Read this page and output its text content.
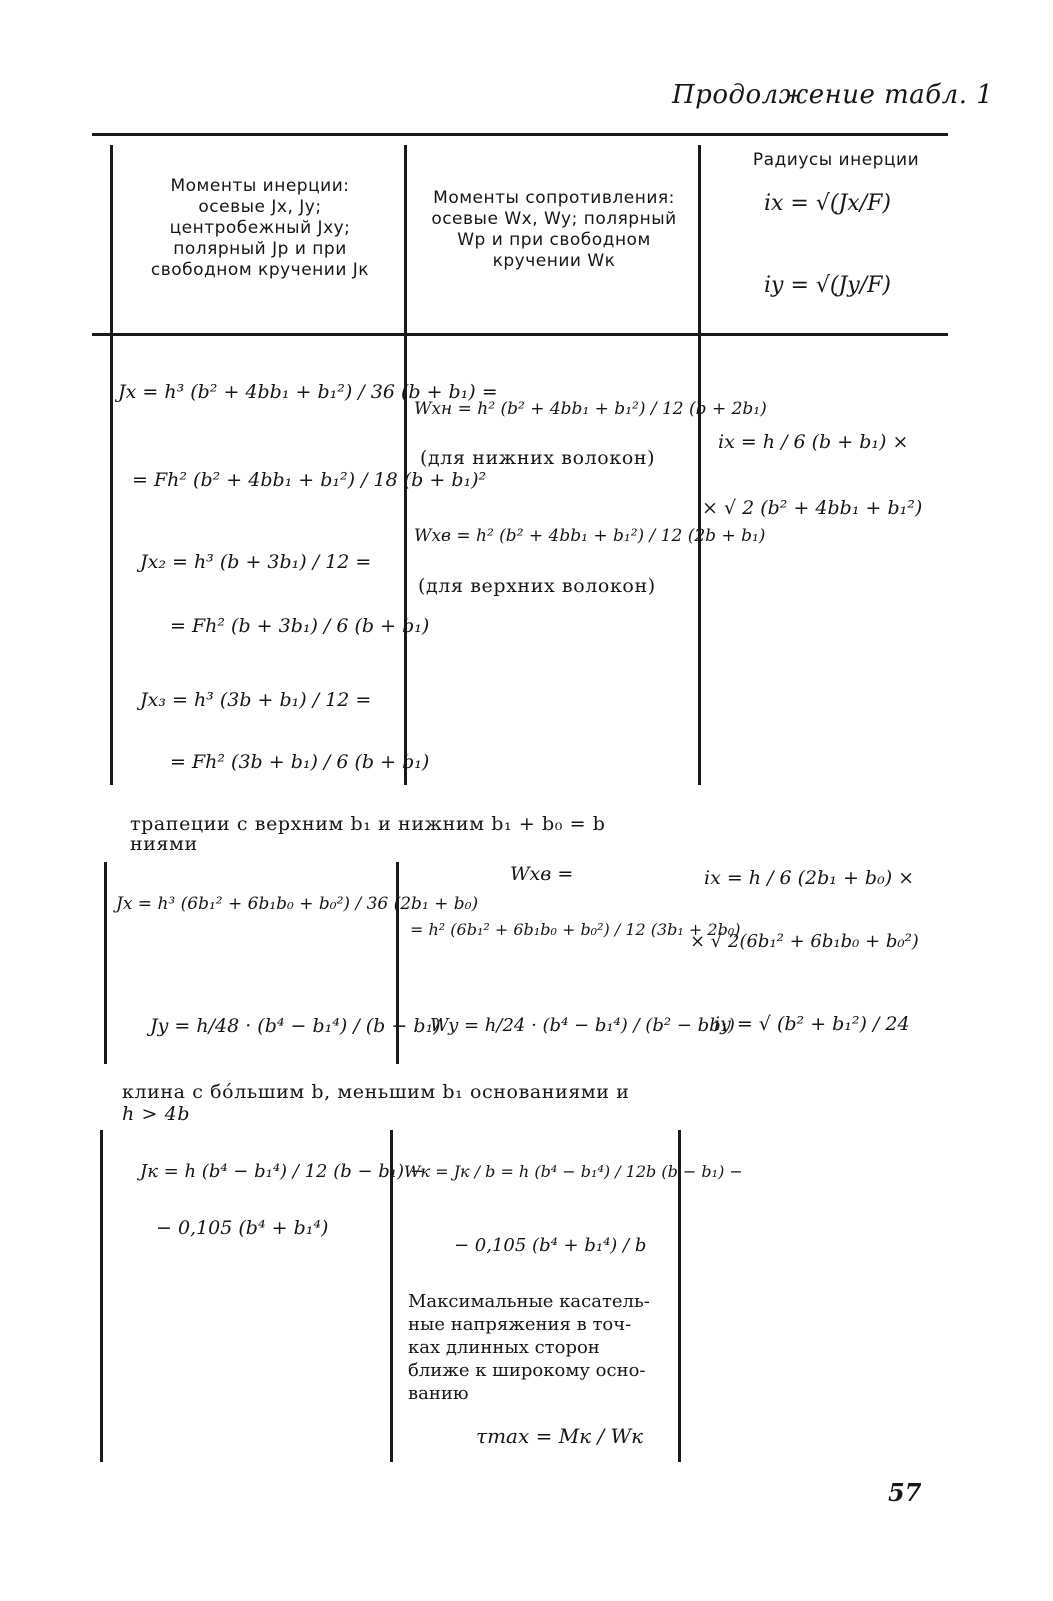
Продолжение табл. 1
Моменты инерции:
осевые Jx, Jy;
центробежный Jxy;
полярный Jp и при
свободном кручении Jк
Моменты сопротивления:
осевые Wx, Wy; полярный
Wp и при свободном
кручении Wк
Радиусы инерции
ix = √(Jx/F)
iy = √(Jy/F)
Jx = h³ (b² + 4bb₁ + b₁²) / 36 (b + b₁) =
= Fh² (b² + 4bb₁ + b₁²) / 18 (b + b₁)²
Jx₂ = h³ (b + 3b₁) / 12 =
= Fh² (b + 3b₁) / 6 (b + b₁)
Jx₃ = h³ (3b + b₁) / 12 =
= Fh² (3b + b₁) / 6 (b + b₁)
Wxн = h² (b² + 4bb₁ + b₁²) / 12 (b + 2b₁)
(для нижних волокон)
Wxв = h² (b² + 4bb₁ + b₁²) / 12 (2b + b₁)
(для верхних волокон)
ix = h / 6 (b + b₁) ×
× √ 2 (b² + 4bb₁ + b₁²)
трапеции с верхним b₁ и нижним b₁ + b₀ = b
ниями
Jx = h³ (6b₁² + 6b₁b₀ + b₀²) / 36 (2b₁ + b₀)
Jy = h/48 · (b⁴ − b₁⁴) / (b − b₁)
Wxв =
= h² (6b₁² + 6b₁b₀ + b₀²) / 12 (3b₁ + 2b₀)
Wy = h/24 · (b⁴ − b₁⁴) / (b² − bb₁)
ix = h / 6 (2b₁ + b₀) ×
× √ 2(6b₁² + 6b₁b₀ + b₀²)
iy = √ (b² + b₁²) / 24
клина с бóльшим b, меньшим b₁ основаниями и
h > 4b
Jк = h (b⁴ − b₁⁴) / 12 (b − b₁) −
− 0,105 (b⁴ + b₁⁴)
Wк = Jк / b = h (b⁴ − b₁⁴) / 12b (b − b₁) −
− 0,105 (b⁴ + b₁⁴) / b
Максимальные касатель-
ные напряжения в точ-
ках длинных сторон
ближе к широкому осно-
ванию
τmax = Mк / Wк
57
